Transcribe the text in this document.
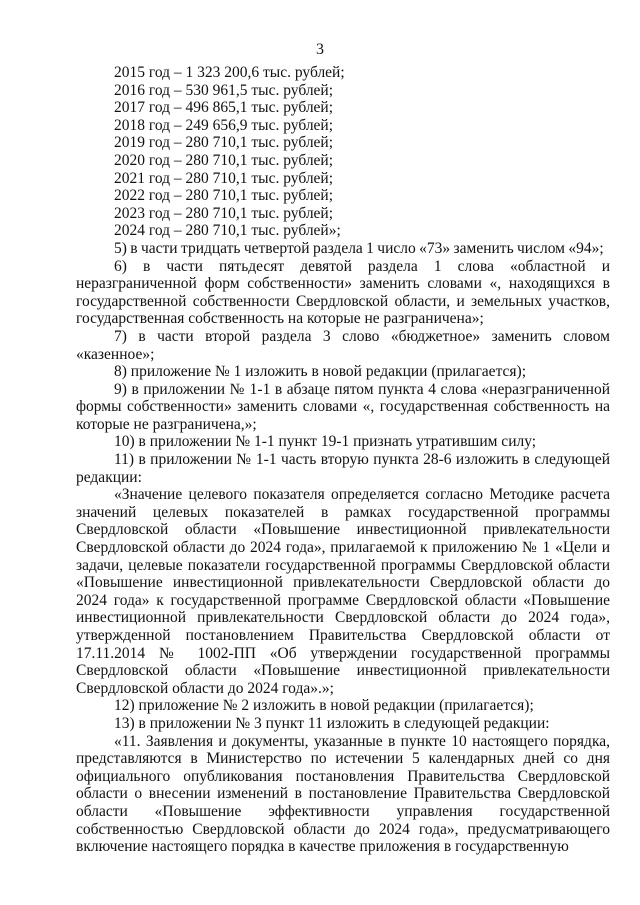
3
2015 год – 1 323 200,6 тыс. рублей;
2016 год – 530 961,5 тыс. рублей;
2017 год – 496 865,1 тыс. рублей;
2018 год – 249 656,9 тыс. рублей;
2019 год – 280 710,1 тыс. рублей;
2020 год – 280 710,1 тыс. рублей;
2021 год – 280 710,1 тыс. рублей;
2022 год – 280 710,1 тыс. рублей;
2023 год – 280 710,1 тыс. рублей;
2024 год – 280 710,1 тыс. рублей»;

5) в части тридцать четвертой раздела 1 число «73» заменить числом «94»;

6) в части пятьдесят девятой раздела 1 слова «областной и неразграниченной форм собственности» заменить словами «, находящихся в государственной собственности Свердловской области, и земельных участков, государственная собственность на которые не разграничена»;

7) в части второй раздела 3 слово «бюджетное» заменить словом «казенное»;

8) приложение № 1 изложить в новой редакции (прилагается);

9) в приложении № 1-1 в абзаце пятом пункта 4 слова «неразграниченной формы собственности» заменить словами «, государственная собственность на которые не разграничена,»;

10) в приложении № 1-1 пункт 19-1 признать утратившим силу;

11) в приложении № 1-1 часть вторую пункта 28-6 изложить в следующей редакции:

«Значение целевого показателя определяется согласно Методике расчета значений целевых показателей в рамках государственной программы Свердловской области «Повышение инвестиционной привлекательности Свердловской области до 2024 года», прилагаемой к приложению № 1 «Цели и задачи, целевые показатели государственной программы Свердловской области «Повышение инвестиционной привлекательности Свердловской области до 2024 года» к государственной программе Свердловской области «Повышение инвестиционной привлекательности Свердловской области до 2024 года», утвержденной постановлением Правительства Свердловской области от 17.11.2014 № 1002-ПП «Об утверждении государственной программы Свердловской области «Повышение инвестиционной привлекательности Свердловской области до 2024 года».»;

12) приложение № 2 изложить в новой редакции (прилагается);

13) в приложении № 3 пункт 11 изложить в следующей редакции:

«11. Заявления и документы, указанные в пункте 10 настоящего порядка, представляются в Министерство по истечении 5 календарных дней со дня официального опубликования постановления Правительства Свердловской области о внесении изменений в постановление Правительства Свердловской области «Повышение эффективности управления государственной собственностью Свердловской области до 2024 года», предусматривающего включение настоящего порядка в качестве приложения в государственную
